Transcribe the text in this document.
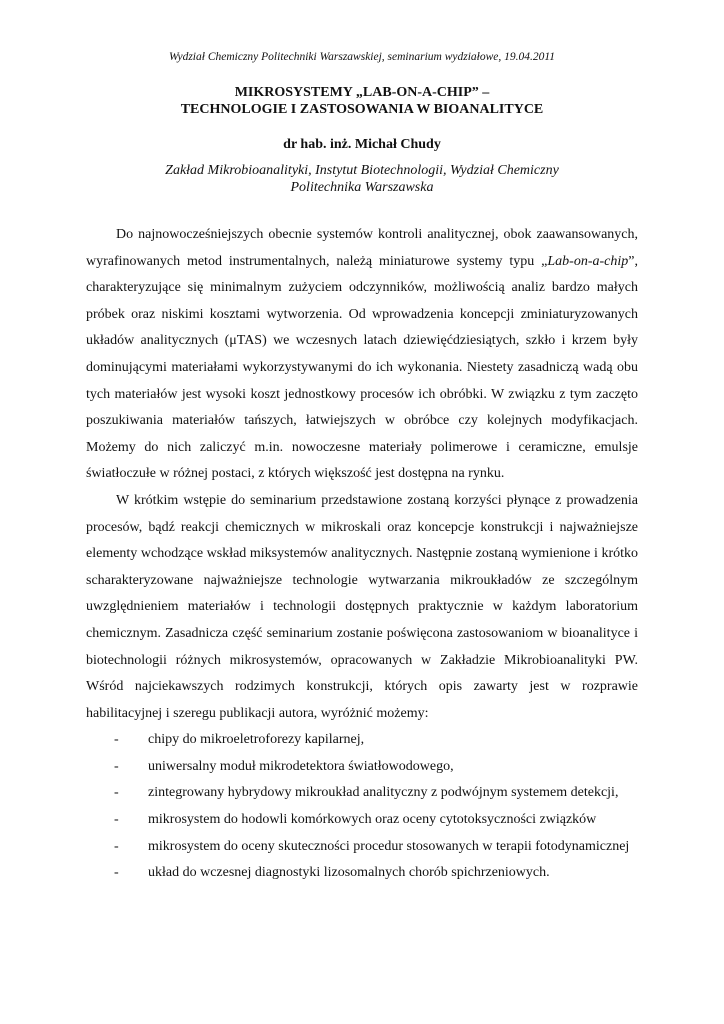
Wydział Chemiczny Politechniki Warszawskiej, seminarium wydziałowe, 19.04.2011

MIKROSYSTEMY „LAB-ON-A-CHIP” –
TECHNOLOGIE I ZASTOSOWANIA W BIOANALITYCE

dr hab. inż. Michał Chudy

Zakład Mikrobioanalityki, Instytut Biotechnologii, Wydział Chemiczny
Politechnika Warszawska

Do najnowocześniejszych obecnie systemów kontroli analitycznej, obok zaawansowanych, wyrafinowanych metod instrumentalnych, należą miniaturowe systemy typu „Lab-on-a-chip”, charakteryzujące się minimalnym zużyciem odczynników, możliwością analiz bardzo małych próbek oraz niskimi kosztami wytworzenia. Od wprowadzenia koncepcji zminiaturyzowanych układów analitycznych (μTAS) we wczesnych latach dziewięćdziesiątych, szkło i krzem były dominującymi materiałami wykorzystywanymi do ich wykonania. Niestety zasadniczą wadą obu tych materiałów jest wysoki koszt jednostkowy procesów ich obróbki. W związku z tym zaczęto poszukiwania materiałów tańszych, łatwiejszych w obróbce czy kolejnych modyfikacjach. Możemy do nich zaliczyć m.in. nowoczesne materiały polimerowe i ceramiczne, emulsje światłoczułe w różnej postaci, z których większość jest dostępna na rynku.

W krótkim wstępie do seminarium przedstawione zostaną korzyści płynące z prowadzenia procesów, bądź reakcji chemicznych w mikroskali oraz koncepcje konstrukcji i najważniejsze elementy wchodzące wskład miksystemów analitycznych. Następnie zostaną wymienione i krótko scharakteryzowane najważniejsze technologie wytwarzania mikroukładów ze szczególnym uwzględnieniem materiałów i technologii dostępnych praktycznie w każdym laboratorium chemicznym. Zasadnicza część seminarium zostanie poświęcona zastosowaniom w bioanalityce i biotechnologii różnych mikrosystemów, opracowanych w Zakładzie Mikrobioanalityki PW. Wśród najciekawszych rodzimych konstrukcji, których opis zawarty jest w rozprawie habilitacyjnej i szeregu publikacji autora, wyróżnić możemy:

-	chipy do mikroeletroforezy kapilarnej,
-	uniwersalny moduł mikrodetektora światłowodowego,
-	zintegrowany hybrydowy mikroukład analityczny z podwójnym systemem detekcji,
-	mikrosystem do hodowli komórkowych oraz oceny cytotoksyczności związków
-	mikrosystem do oceny skuteczności procedur stosowanych w terapii fotodynamicznej
-	układ do wczesnej diagnostyki lizosomalnych chorób spichrzeniowych.
